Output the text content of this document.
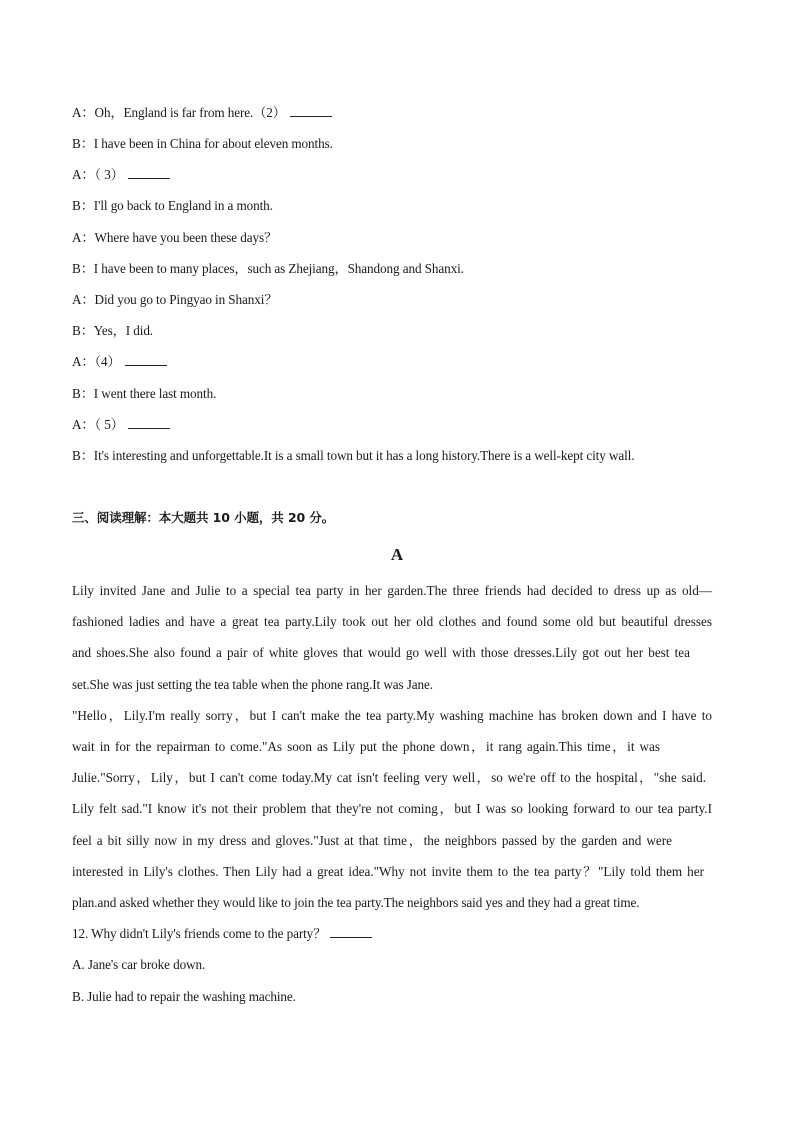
A：Oh，England is far from here.（2）
B：I have been in China for about eleven months.
A：（ 3）
B：I'll go back to England in a month.
A：Where have you been these days？
B：I have been to many places，such as Zhejiang，Shandong and Shanxi.
A：Did you go to Pingyao in Shanxi？
B：Yes，I did.
A：（4）
B：I went there last month.
A：（ 5）
B：It's interesting and unforgettable.It is a small town but it has a long history.There is a well-kept city wall.
三、阅读理解：本大题共 10 小题，共 20 分。
A
Lily invited Jane and Julie to a special tea party in her garden.The three friends had decided to dress up as old—
fashioned ladies and have a great tea party.Lily took out her old clothes and found some old but beautiful dresses
and shoes.She also found a pair of white gloves that would go well with those dresses.Lily got out her best tea
set.She was just setting the tea table when the phone rang.It was Jane.
"Hello，Lily.I'm really sorry，but I can't make the tea party.My washing machine has broken down and I have to
wait in for the repairman to come."As soon as Lily put the phone down，it rang again.This time，it was
Julie."Sorry，Lily，but I can't come today.My cat isn't feeling very well，so we're off to the hospital，"she said.
Lily felt sad."I know it's not their problem that they're not coming，but I was so looking forward to our tea party.I
feel a bit silly now in my dress and gloves."Just at that time，the neighbors passed by the garden and were
interested in Lily's clothes. Then Lily had a great idea."Why not invite them to the tea party？"Lily told them her
plan.and asked whether they would like to join the tea party.The neighbors said yes and they had a great time.
12. Why didn't Lily's friends come to the party？
A. Jane's car broke down.
B. Julie had to repair the washing machine.
